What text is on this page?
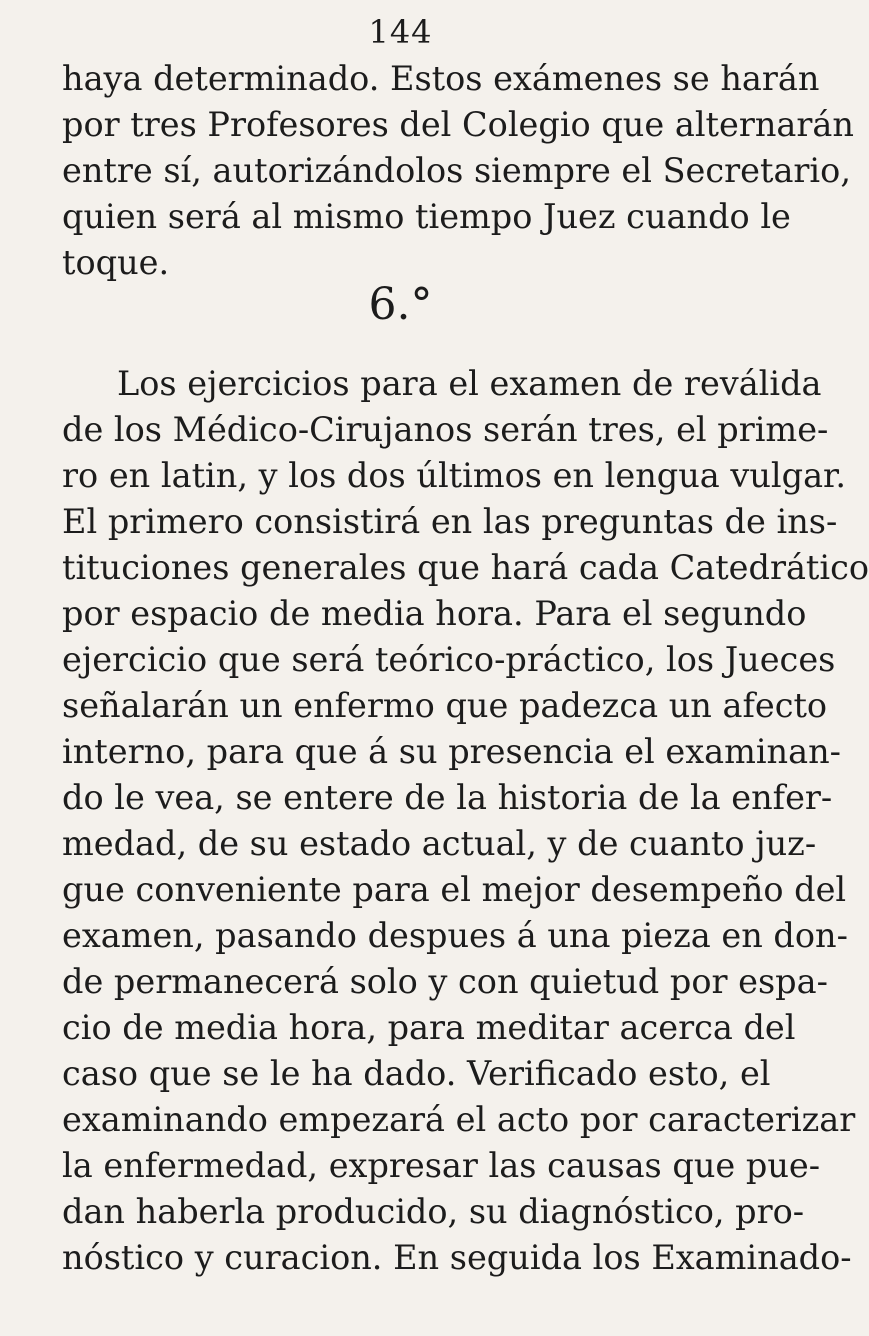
144
haya determinado. Estos exámenes se harán
por tres Profesores del Colegio que alternarán
entre sí, autorizándolos siempre el Secretario,
quien será al mismo tiempo Juez cuando le
toque.
6.°
Los ejercicios para el examen de reválida
de los Médico-Cirujanos serán tres, el prime-
ro en latin, y los dos últimos en lengua vulgar.
El primero consistirá en las preguntas de ins-
tituciones generales que hará cada Catedrático
por espacio de media hora. Para el segundo
ejercicio que será teórico-práctico, los Jueces
señalarán un enfermo que padezca un afecto
interno, para que á su presencia el examinan-
do le vea, se entere de la historia de la enfer-
medad, de su estado actual, y de cuanto juz-
gue conveniente para el mejor desempeño del
examen, pasando despues á una pieza en don-
de permanecerá solo y con quietud por espa-
cio de media hora, para meditar acerca del
caso que se le ha dado. Verificado esto, el
examinando empezará el acto por caracterizar
la enfermedad, expresar las causas que pue-
dan haberla producido, su diagnóstico, pro-
nóstico y curacion. En seguida los Examinado-
